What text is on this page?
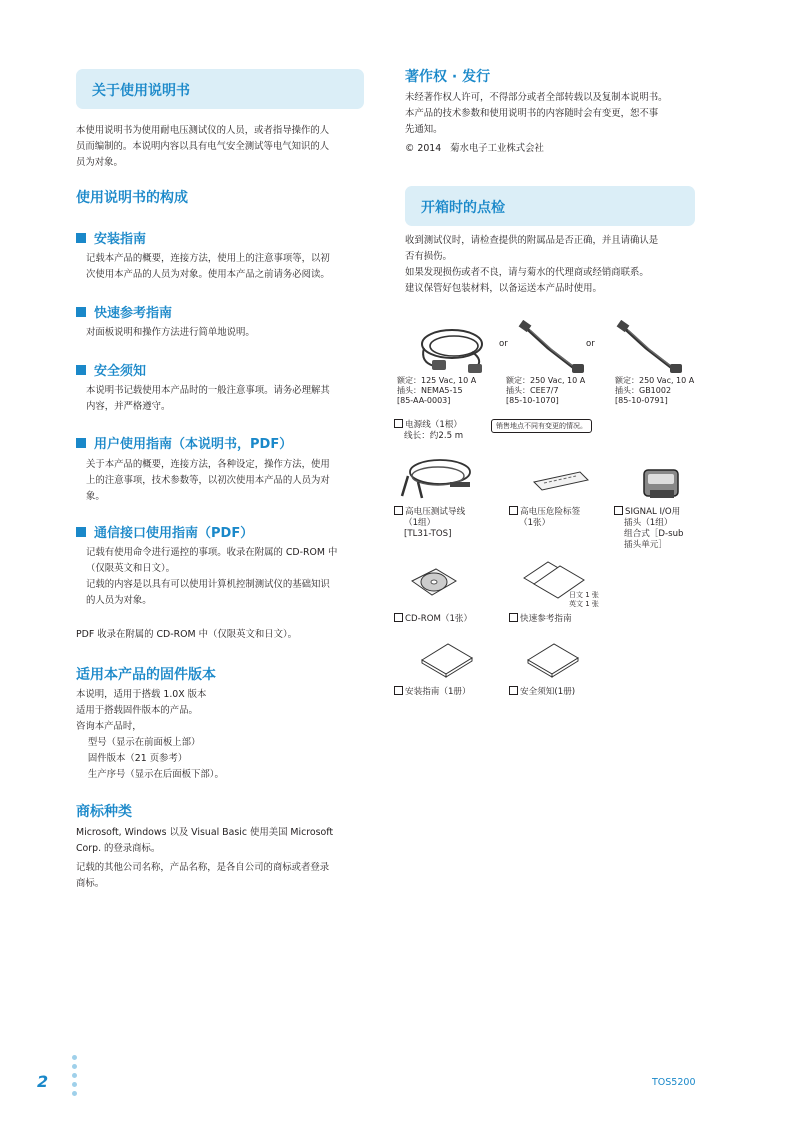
关于使用说明书
本使用说明书为使用耐电压测试仪的人员，或者指导操作的人
员而编制的。本说明内容以具有电气安全测试等电气知识的人
员为对象。
使用说明书的构成
安装指南
记载本产品的概要，连接方法，使用上的注意事项等，以初
次使用本产品的人员为对象。使用本产品之前请务必阅读。
快速参考指南
对面板说明和操作方法进行简单地说明。
安全须知
本说明书记载使用本产品时的一般注意事项。请务必理解其
内容，并严格遵守。
用户使用指南（本说明书，PDF）
关于本产品的概要，连接方法，各种设定，操作方法，使用
上的注意事项，技术参数等，以初次使用本产品的人员为对
象。
通信接口使用指南（PDF）
记载有使用命令进行遥控的事项。收录在附属的 CD-ROM 中
（仅限英文和日文）。
记载的内容是以具有可以使用计算机控制测试仪的基础知识
的人员为对象。
PDF 收录在附属的 CD-ROM 中（仅限英文和日文）。
适用本产品的固件版本
本说明，适用于搭载 1.0X 版本
适用于搭载固件版本的产品。
咨询本产品时，
型号（显示在前面板上部）
固件版本（21 页参考）
生产序号（显示在后面板下部）。
商标种类
Microsoft, Windows 以及 Visual Basic 使用美国 Microsoft
Corp. 的登录商标。
记载的其他公司名称，产品名称，是各自公司的商标或者登录
商标。
著作权 · 发行
未经著作权人许可，不得部分或者全部转载以及复制本说明书。
本产品的技术参数和使用说明书的内容随时会有变更，恕不事
先通知。
© 2014   菊水电子工业株式会社
开箱时的点检
收到测试仪时，请检查提供的附属品是否正确，并且请确认是
否有损伤。
如果发现损伤或者不良，请与菊水的代理商或经销商联系。
建议保管好包装材料，以备运送本产品时使用。
or	or
额定：125 Vac, 10 A
插头：NEMA5-15
[85-AA-0003]
额定：250 Vac, 10 A
插头：CEE7/7
[85-10-1070]
额定：250 Vac, 10 A
插头：GB1002
[85-10-0791]
电源线（1根）
线长：约2.5 m
销售地点不同有变更的情况。
高电压测试导线
（1组）
[TL31-TOS]
高电压危险标签
（1张）
SIGNAL I/O用
插头（1组）
组合式［D-sub
插头单元］
日文 1 张
英文 1 张
CD-ROM（1张）	快速参考指南
安装指南（1册）	安全须知(1册)
2	TOS5200
